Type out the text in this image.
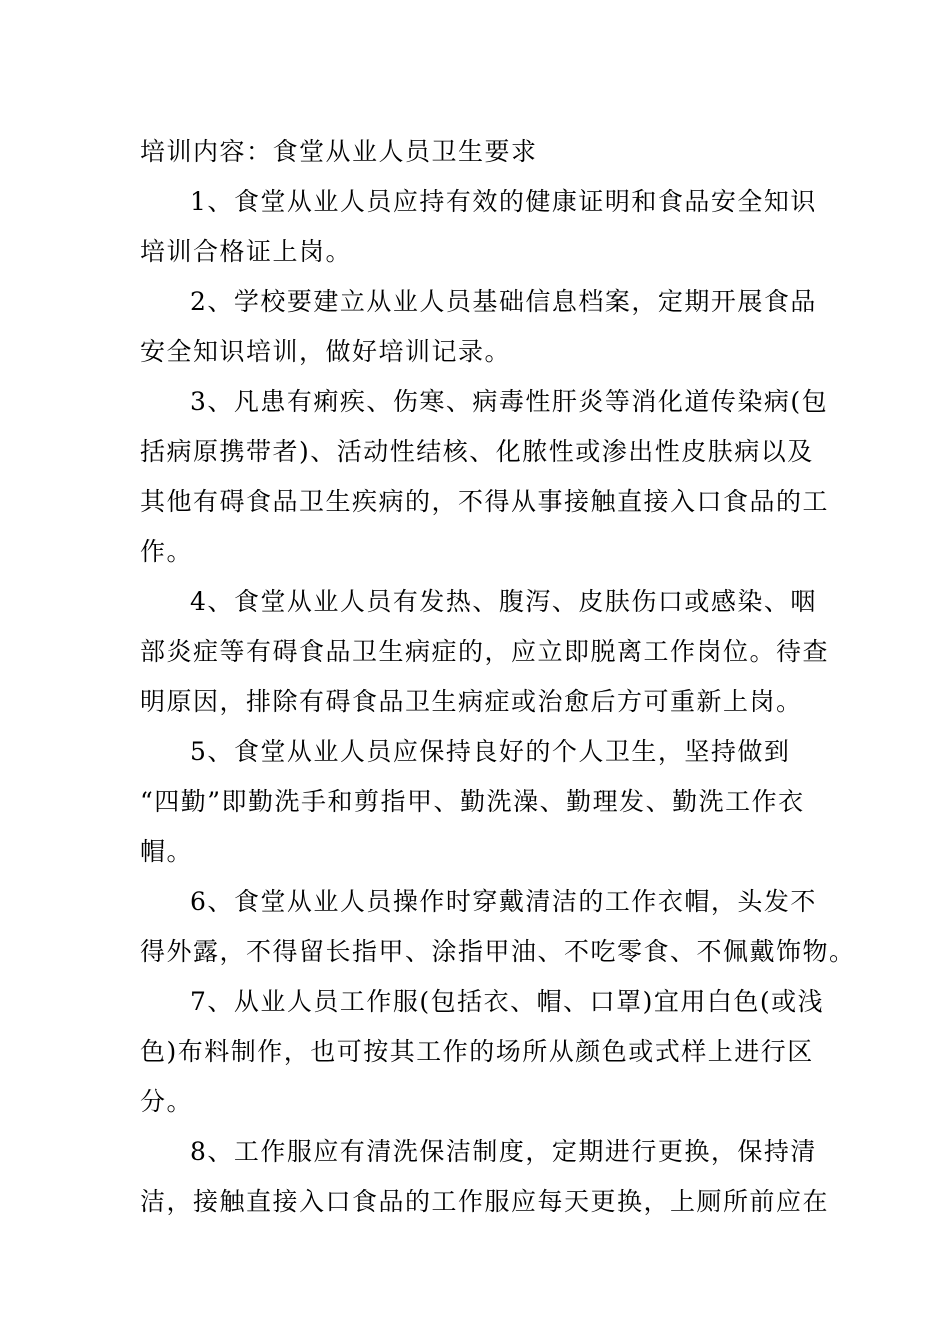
培训内容：食堂从业人员卫生要求
1、食堂从业人员应持有效的健康证明和食品安全知识
培训合格证上岗。
2、学校要建立从业人员基础信息档案，定期开展食品
安全知识培训，做好培训记录。
3、凡患有痢疾、伤寒、病毒性肝炎等消化道传染病(包
括病原携带者)、活动性结核、化脓性或渗出性皮肤病以及
其他有碍食品卫生疾病的，不得从事接触直接入口食品的工
作。
4、食堂从业人员有发热、腹泻、皮肤伤口或感染、咽
部炎症等有碍食品卫生病症的，应立即脱离工作岗位。待查
明原因，排除有碍食品卫生病症或治愈后方可重新上岗。
5、食堂从业人员应保持良好的个人卫生，坚持做到
“四勤”即勤洗手和剪指甲、勤洗澡、勤理发、勤洗工作衣
帽。
6、食堂从业人员操作时穿戴清洁的工作衣帽，头发不
得外露，不得留长指甲、涂指甲油、不吃零食、不佩戴饰物。
7、从业人员工作服(包括衣、帽、口罩)宜用白色(或浅
色)布料制作，也可按其工作的场所从颜色或式样上进行区
分。
8、工作服应有清洗保洁制度，定期进行更换，保持清
洁，接触直接入口食品的工作服应每天更换，上厕所前应在
